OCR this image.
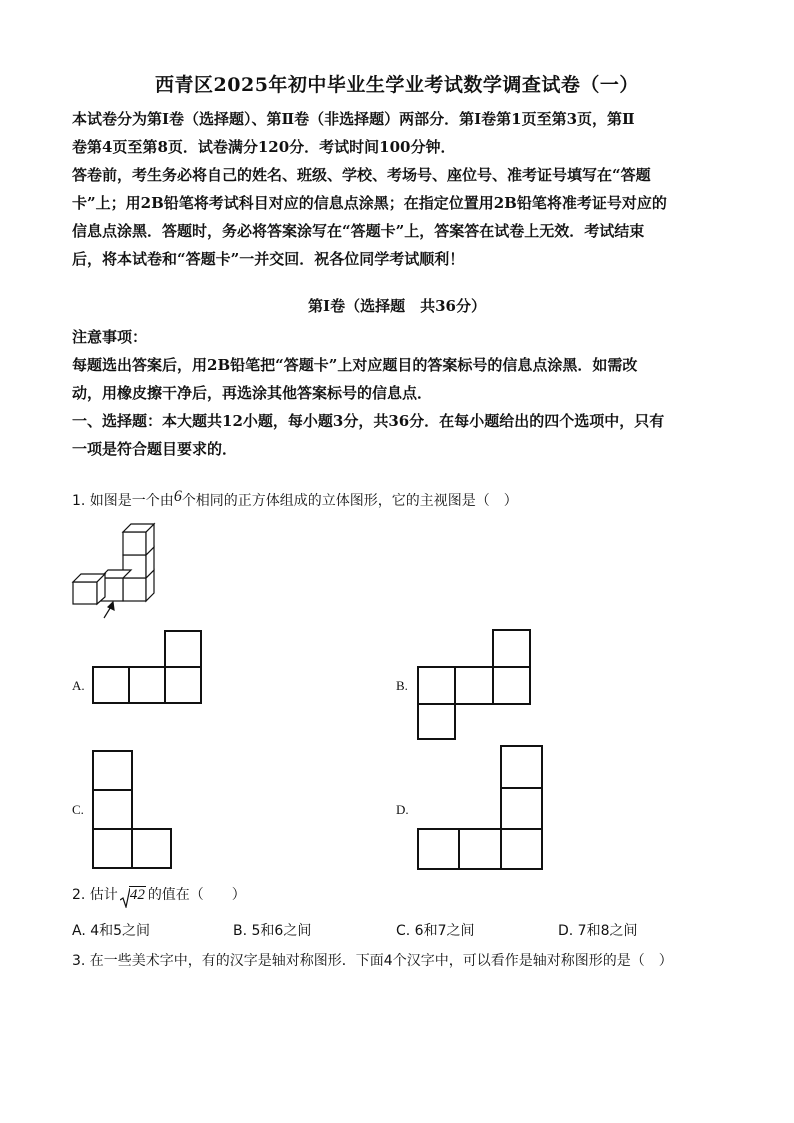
西青区2025年初中毕业生学业考试数学调查试卷（一）
本试卷分为第Ⅰ卷（选择题）、第Ⅱ卷（非选择题）两部分．第Ⅰ卷第1页至第3页，第Ⅱ
卷第4页至第8页．试卷满分120分．考试时间100分钟．
答卷前，考生务必将自己的姓名、班级、学校、考场号、座位号、准考证号填写在“答题
卡”上；用2B铅笔将考试科目对应的信息点涂黑；在指定位置用2B铅笔将准考证号对应的
信息点涂黑．答题时，务必将答案涂写在“答题卡”上，答案答在试卷上无效．考试结束
后，将本试卷和“答题卡”一并交回．祝各位同学考试顺利！
第Ⅰ卷（选择题　共36分）
注意事项：
每题选出答案后，用2B铅笔把“答题卡”上对应题目的答案标号的信息点涂黑．如需改
动，用橡皮擦干净后，再选涂其他答案标号的信息点．
一、选择题：本大题共12小题，每小题3分，共36分．在每小题给出的四个选项中，只有
一项是符合题目要求的．
1. 如图是一个由6个相同的正方体组成的立体图形，它的主视图是（　）
A.	B.
C.	D.
2. 估计 42 的值在（　　）
A. 4和5之间	B. 5和6之间	C. 6和7之间	D. 7和8之间
3. 在一些美术字中，有的汉字是轴对称图形．下面4个汉字中，可以看作是轴对称图形的是（　）
